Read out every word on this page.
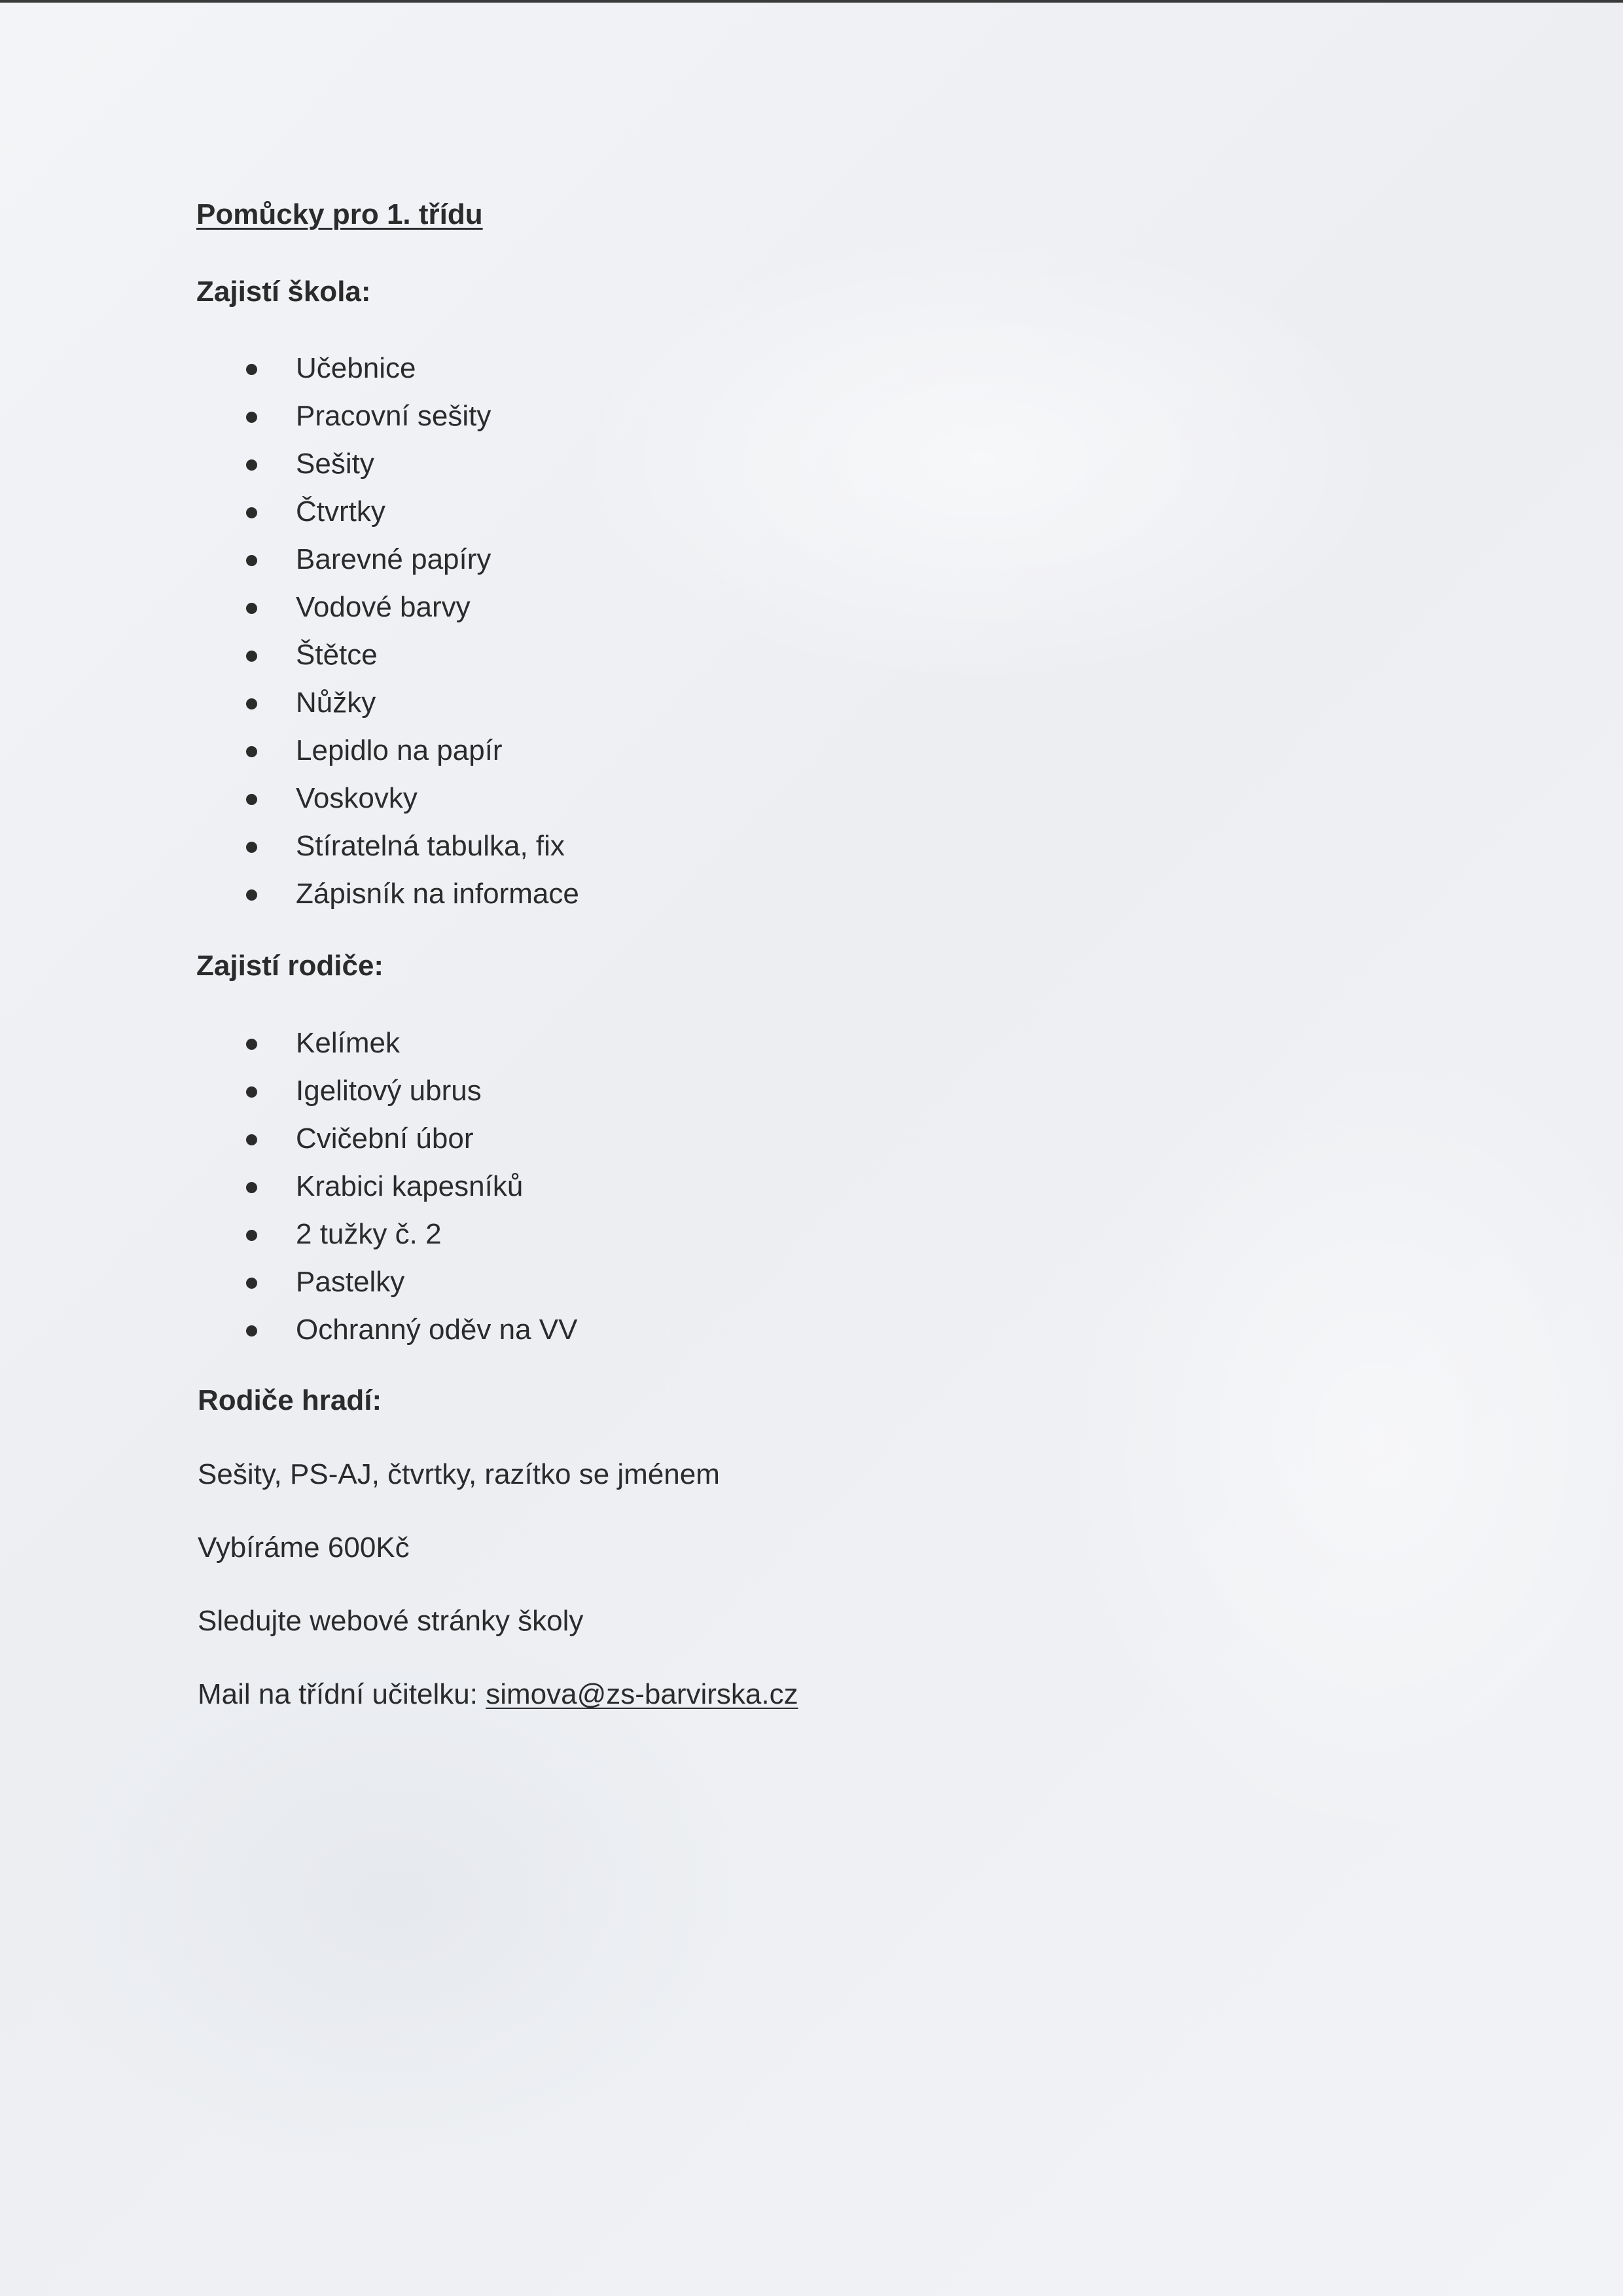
Pomůcky pro 1. třídu
Zajistí škola:
Učebnice
Pracovní sešity
Sešity
Čtvrtky
Barevné papíry
Vodové barvy
Štětce
Nůžky
Lepidlo na papír
Voskovky
Stíratelná tabulka, fix
Zápisník na informace
Zajistí rodiče:
Kelímek
Igelitový ubrus
Cvičební úbor
Krabici kapesníků
2 tužky č. 2
Pastelky
Ochranný oděv na VV
Rodiče hradí:
Sešity, PS-AJ, čtvrtky, razítko se jménem
Vybíráme 600Kč
Sledujte webové stránky školy
Mail na třídní učitelku: simova@zs-barvirska.cz
